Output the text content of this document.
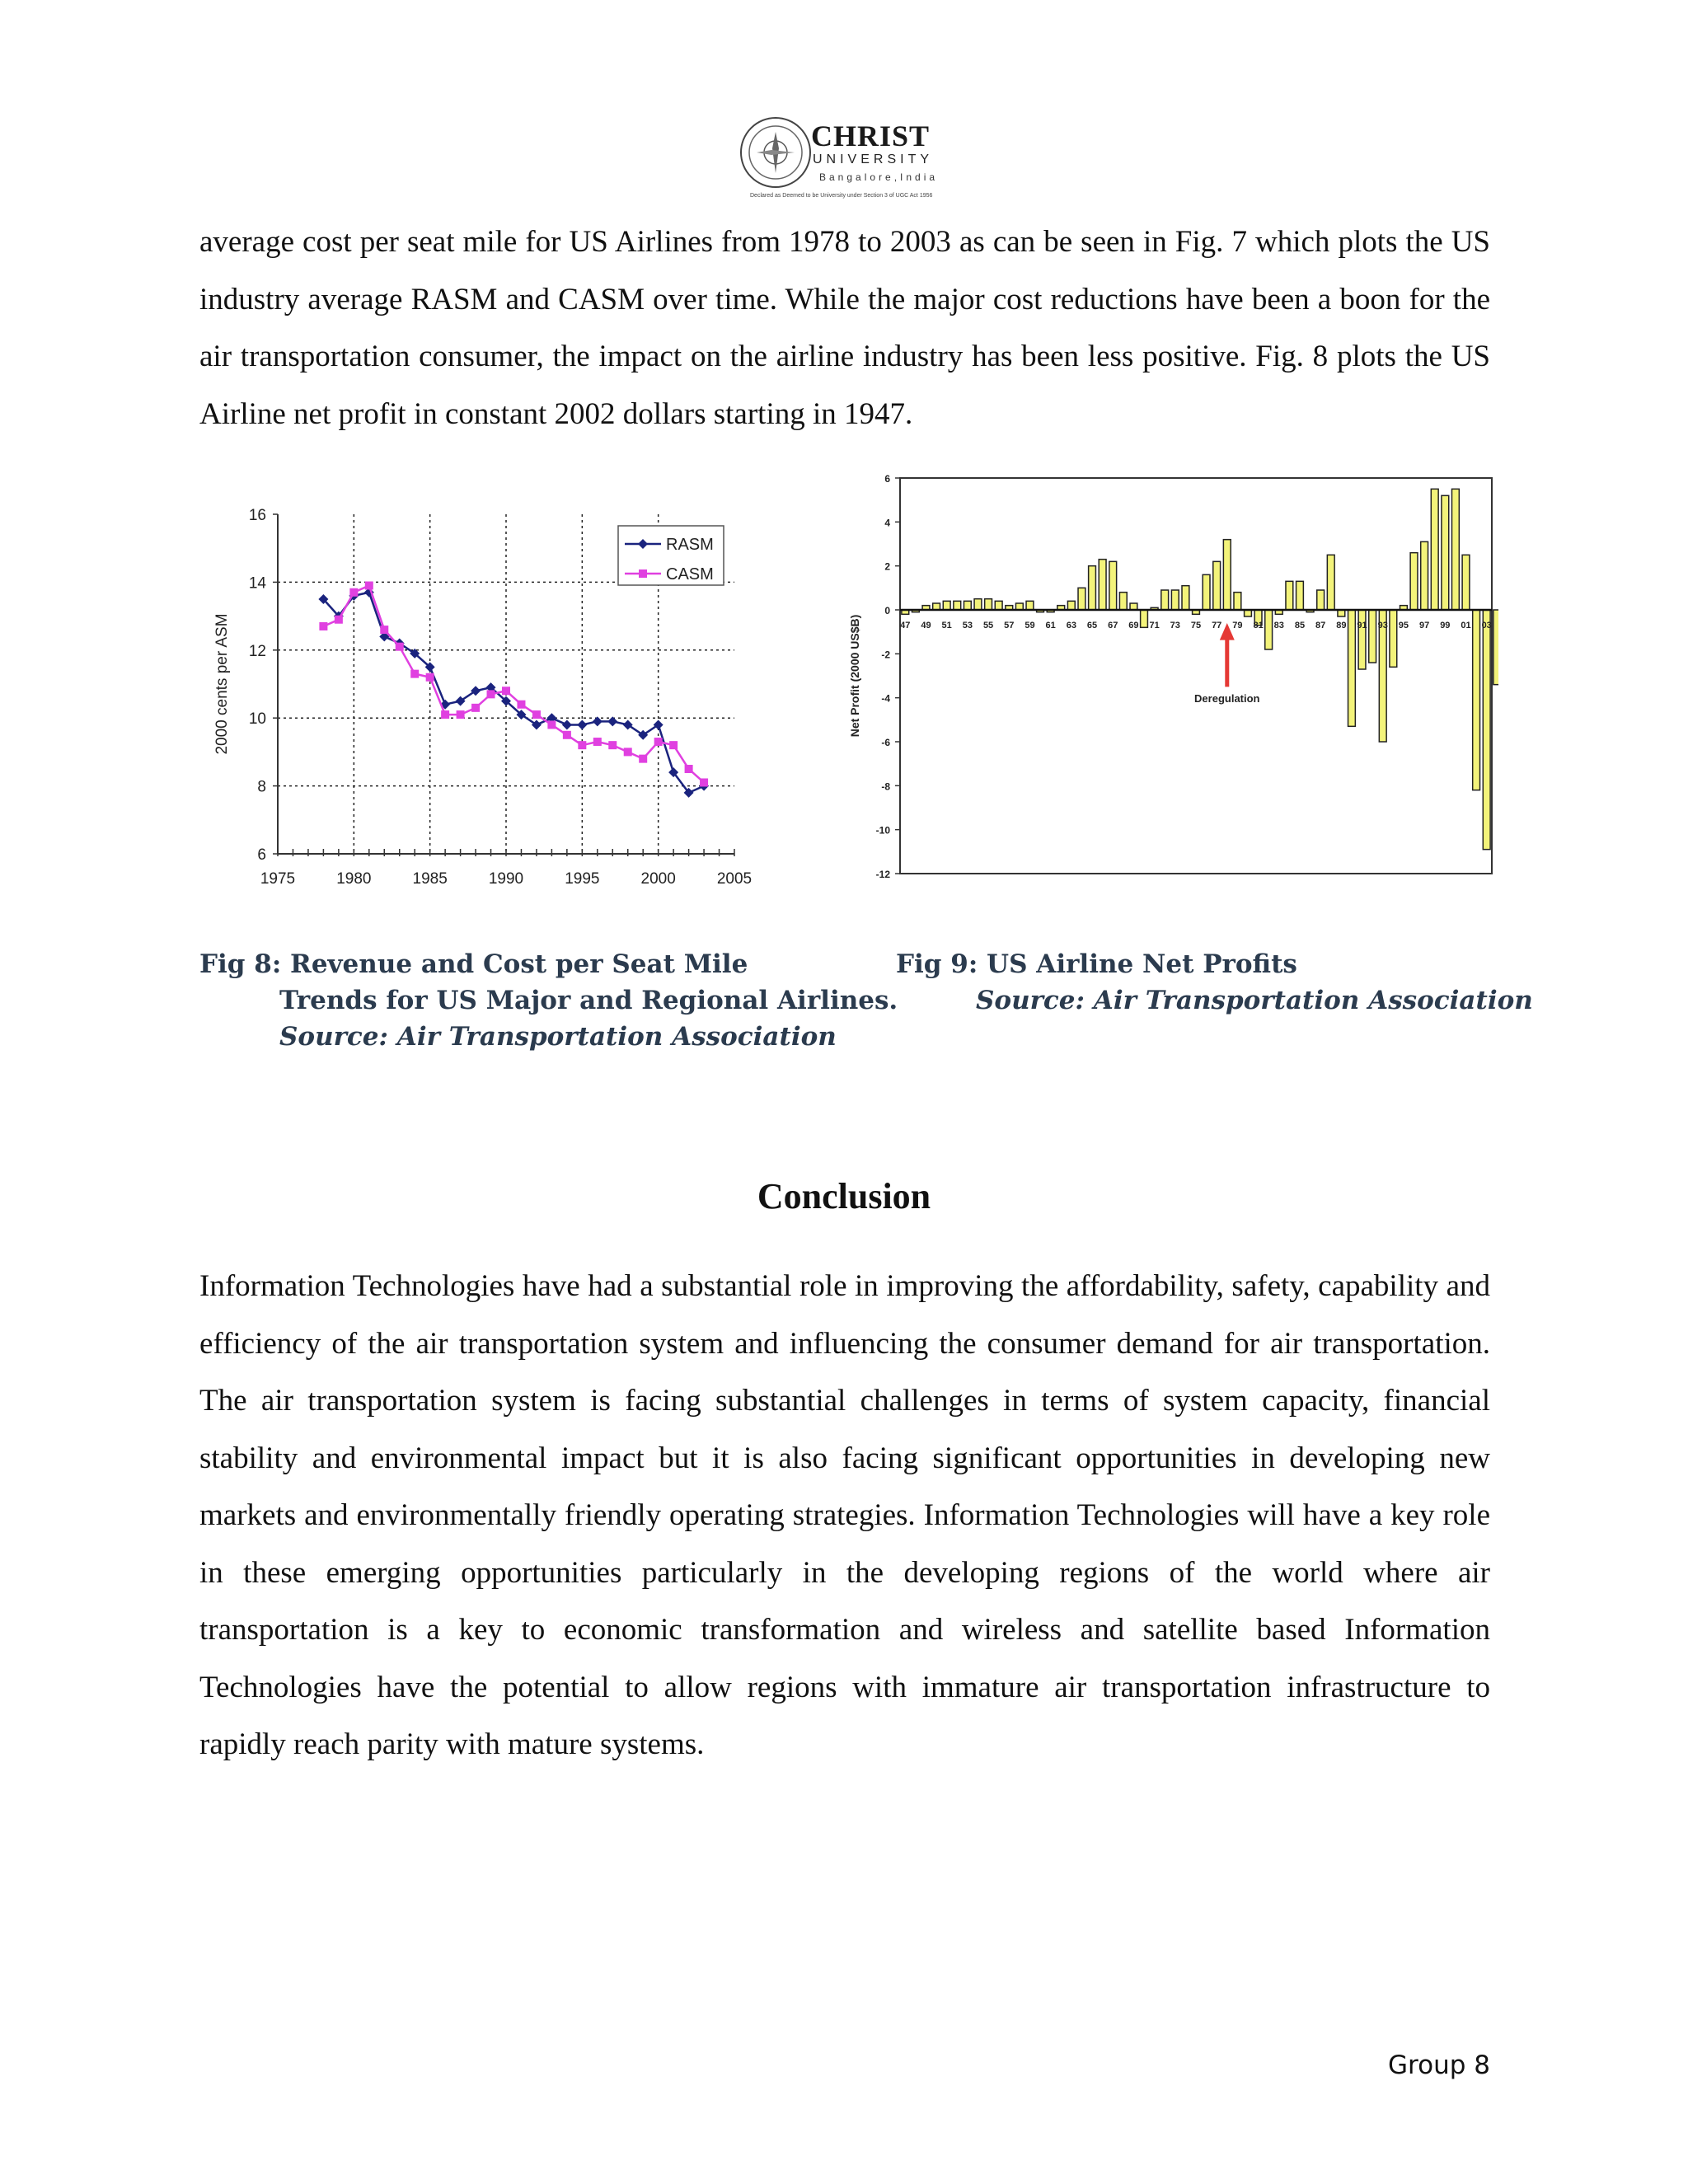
CHRIST
UNIVERSITY
Bangalore,India
Declared as Deemed to be University under Section 3 of UGC Act 1956
average cost per seat mile for US Airlines from 1978 to 2003 as can be seen in Fig. 7 which plots the US industry average RASM and CASM over time. While the major cost reductions have been a boon for the air transportation consumer, the impact on the airline industry has been less positive. Fig. 8 plots the US Airline net profit in constant 2002 dollars starting in 1947.
1975	1980	1985	1990	1995	2000	2005
6
8
10
12
14
16
2000 cents per ASM
RASM
CASM
6
4
2
0
-2
-4
-6
-8
-10
-12
Net Profit (2000 US$B)	47 49 51 53 55 57 59 61 63 65 67 69 71 73 75 77 79 81 83 85 87 89 91 93 95 97 99 01 03
Deregulation
Fig 8: Revenue and Cost per Seat Mile
Trends for US Major and Regional Airlines.
Source: Air Transportation Association
Fig 9: US Airline Net Profits
Source: Air Transportation Association
Conclusion
Information Technologies have had a substantial role in improving the affordability, safety, capability and efficiency of the air transportation system and influencing the consumer demand for air transportation. The air transportation system is facing substantial challenges in terms of system capacity, financial stability and environmental impact but it is also facing significant opportunities in developing new markets and environmentally friendly operating strategies. Information Technologies will have a key role in these emerging opportunities particularly in the developing regions of the world where air transportation is a key to economic transformation and wireless and satellite based Information Technologies have the potential to allow regions with immature air transportation infrastructure to rapidly reach parity with mature systems.
Group 8
